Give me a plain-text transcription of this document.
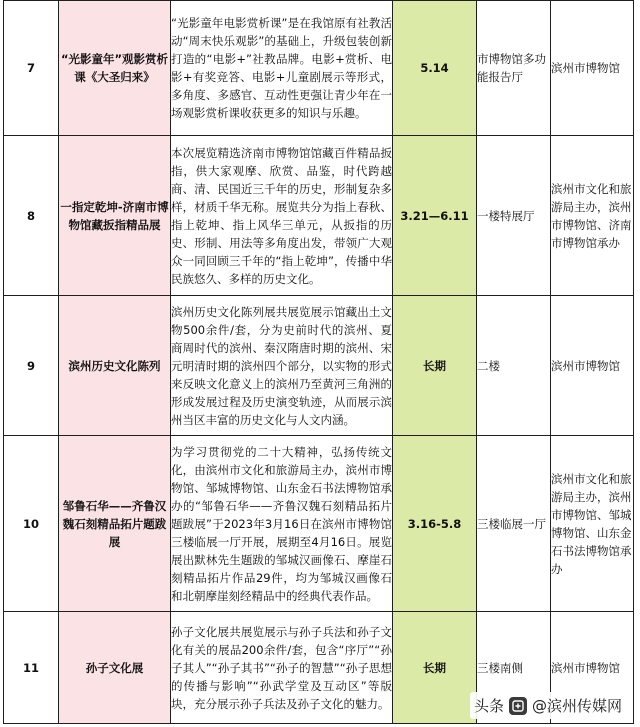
7	“光影童年”观影赏析课《大圣归来》	“光影童年电影赏析课”是在我馆原有社教活动“周末快乐观影”的基础上，升级包装创新打造的“电影+”社教品牌。电影+赏析、电影+有奖竞答、电影+儿童剧展示等形式，多角度、多感官、互动性更强让青少年在一场观影赏析课收获更多的知识与乐趣。	5.14	市博物馆多功能报告厅	滨州市博物馆
8	一指定乾坤-济南市博物馆藏扳指精品展	本次展览精选济南市博物馆馆藏百件精品扳指，供大家观摩、欣赏、品鉴，时代跨越商、清、民国近三千年的历史，形制复杂多样，材质千华无称。展览共分为指上春秋、指上乾坤、指上风华三单元，从扳指的历史、形制、用法等多角度出发，带领广大观众一同回顾三千年的“指上乾坤”，传播中华民族悠久、多样的历史文化。	3.21—6.11	一楼特展厅	滨州市文化和旅游局主办，滨州市博物馆、济南市博物馆承办
9	滨州历史文化陈列	滨州历史文化陈列展共展览展示馆藏出土文物500余件/套，分为史前时代的滨州、夏商周时代的滨州、秦汉隋唐时期的滨州、宋元明清时期的滨州四个部分，以实物的形式来反映文化意义上的滨州乃至黄河三角洲的形成发展过程及历史演变轨迹，从而展示滨州当区丰富的历史文化与人文内涵。	长期	二楼	滨州市博物馆
10	邹鲁石华——齐鲁汉魏石刻精品拓片题跋展	为学习贯彻党的二十大精神，弘扬传统文化，由滨州市文化和旅游局主办，滨州市博物馆、邹城博物馆、山东金石书法博物馆承办的“邹鲁石华——齐鲁汉魏石刻精品拓片题跋展”于2023年3月16日在滨州市博物馆三楼临展一厅开展，展期至4月16日。展览展出默林先生题跋的邹城汉画像石、摩崖石刻精品拓片作品29件，均为邹城汉画像石和北朝摩崖刻经精品中的经典代表作品。	3.16-5.8	三楼临展一厅	滨州市文化和旅游局主办，滨州市博物馆、邹城博物馆、山东金石书法博物馆承办
11	孙子文化展	孙子文化展共展览展示与孙子兵法和孙子文化有关的展品200余件/套，包含“序厅”“孙子其人”“孙子其书”“孙子的智慧”“孙子思想的传播与影响”“孙武学堂及互动区”等版块，充分展示孙子兵法及孙子文化的魅力。	长期	三楼南侧	滨州市博物馆
头条 @滨州传媒网
